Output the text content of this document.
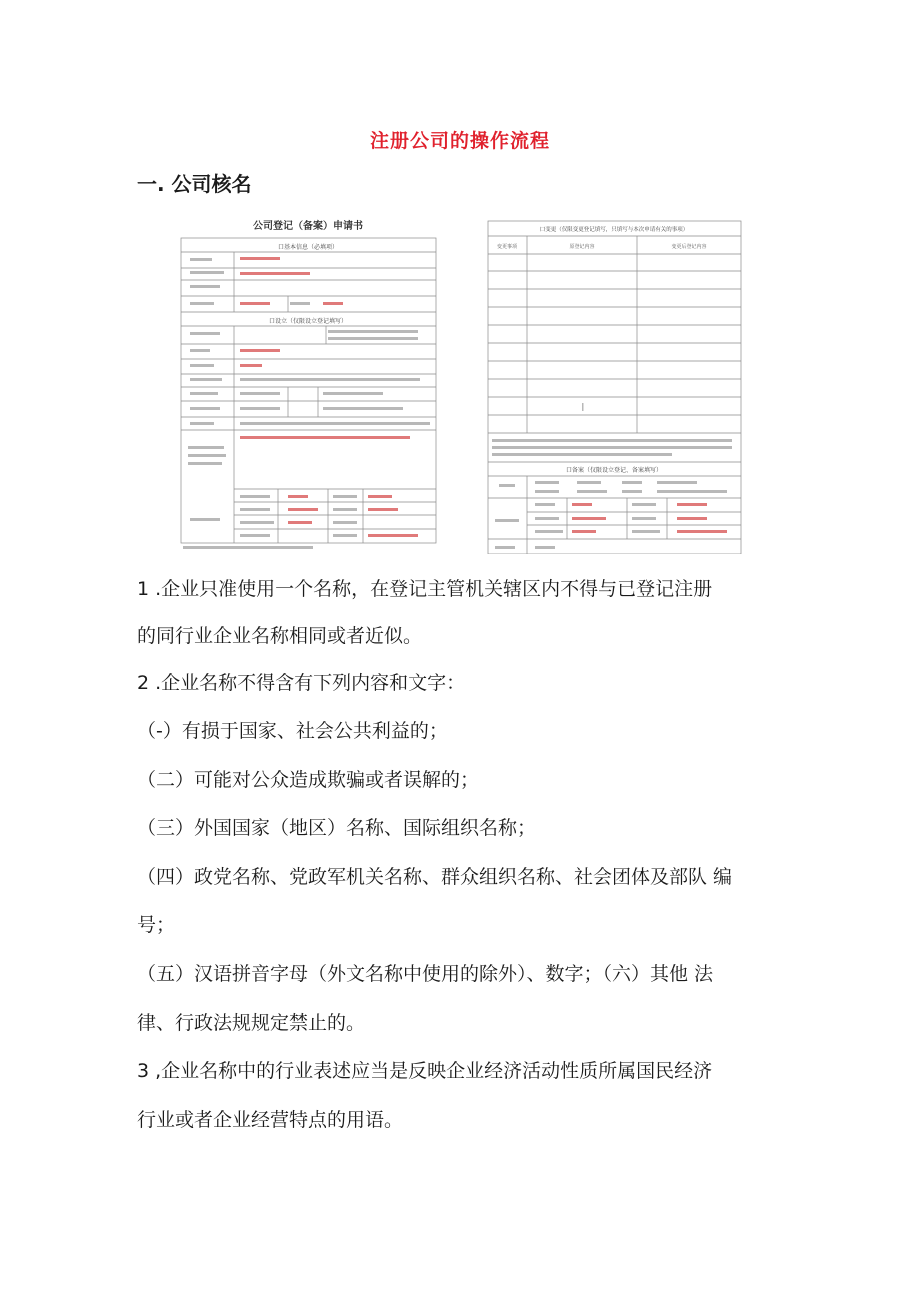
注册公司的操作流程
一. 公司核名
公司登记（备案）申请书
口基本信息（必填项）
口设立（仅限设立登记填写）
口变更（仅限变更登记填写，只填写与本次申请有关的事项）
变更事项	原登记内容	变更后登记内容
口备案（仅限设立登记、备案填写）
1 .企业只准使用一个名称，在登记主管机关辖区内不得与已登记注册
的同行业企业名称相同或者近似。
2 .企业名称不得含有下列内容和文字：
（-）有损于国家、社会公共利益的；
（二）可能对公众造成欺骗或者误解的；
（三）外国国家（地区）名称、国际组织名称；
（四）政党名称、党政军机关名称、群众组织名称、社会团体及部队 编
号；
（五）汉语拼音字母（外文名称中使用的除外）、数字；（六）其他 法
律、行政法规规定禁止的。
3 ,企业名称中的行业表述应当是反映企业经济活动性质所属国民经济
行业或者企业经营特点的用语。
